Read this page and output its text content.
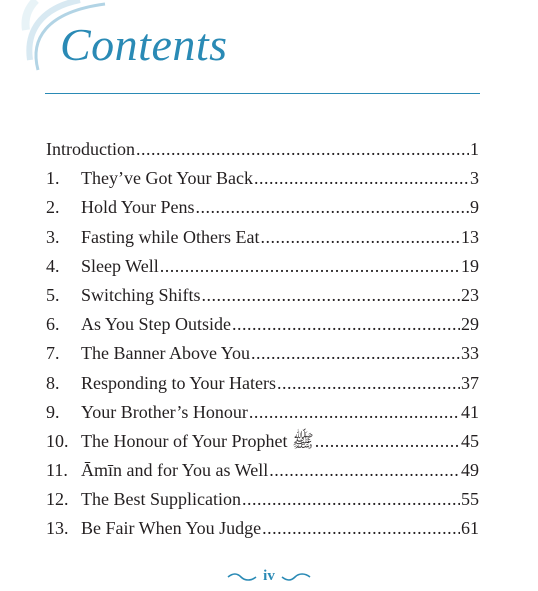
Contents
Introduction .....	1
1.	They’ve Got Your Back .....	3
2.	Hold Your Pens .....	9
3.	Fasting while Others Eat .....	13
4.	Sleep Well .....	19
5.	Switching Shifts .....	23
6.	As You Step Outside .....	29
7.	The Banner Above You .....	33
8.	Responding to Your Haters .....	37
9.	Your Brother’s Honour .....	41
10. The Honour of Your Prophet ﷺ .....	45
11. Āmīn and for You as Well .....	49
12. The Best Supplication .....	55
13. Be Fair When You Judge .....	61
iv
